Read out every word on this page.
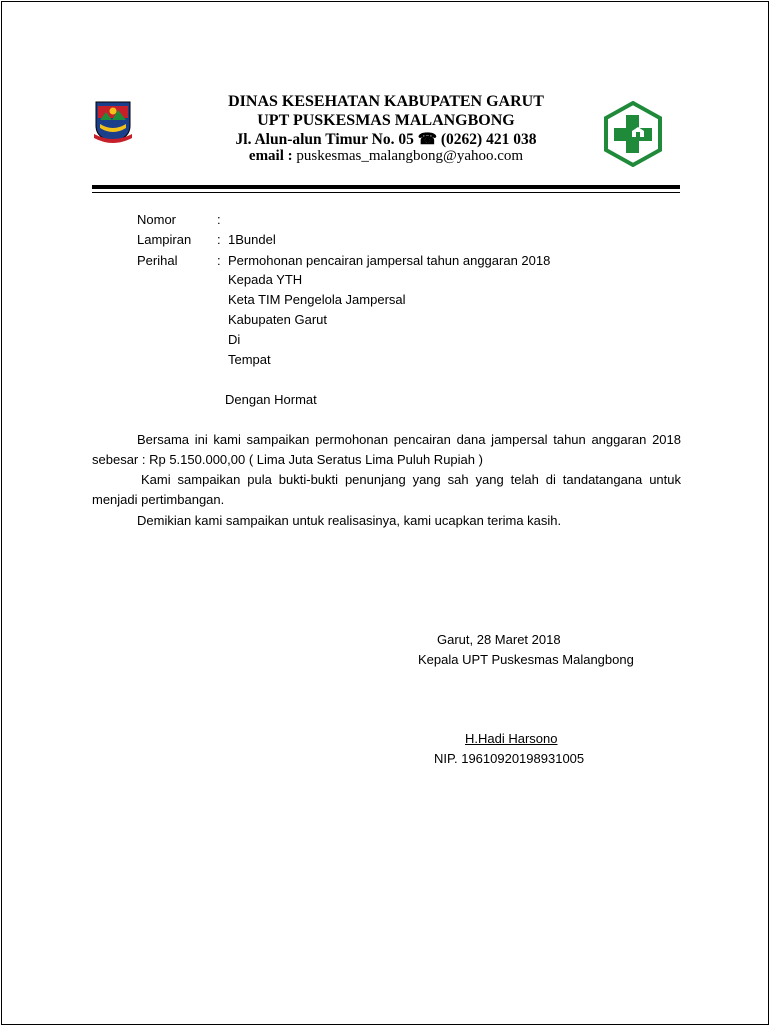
DINAS KESEHATAN KABUPATEN GARUT
UPT PUSKESMAS MALANGBONG
Jl. Alun-alun Timur No. 05 ☎ (0262) 421 038
email : puskesmas_malangbong@yahoo.com
Nomor	:
Lampiran : 1Bundel
Perihal	: Permohonan pencairan jampersal tahun anggaran 2018
Kepada YTH
Keta TIM Pengelola Jampersal
Kabupaten Garut
Di
Tempat
Dengan Hormat
Bersama ini kami sampaikan permohonan pencairan dana jampersal tahun anggaran 2018
sebesar : Rp 5.150.000,00 ( Lima Juta Seratus Lima Puluh Rupiah )
Kami sampaikan pula bukti-bukti penunjang yang sah yang telah di tandatangana untuk
menjadi pertimbangan.
Demikian kami sampaikan untuk realisasinya, kami ucapkan terima kasih.
Garut, 28 Maret 2018
Kepala UPT Puskesmas Malangbong
H.Hadi Harsono
NIP. 19610920198931005
